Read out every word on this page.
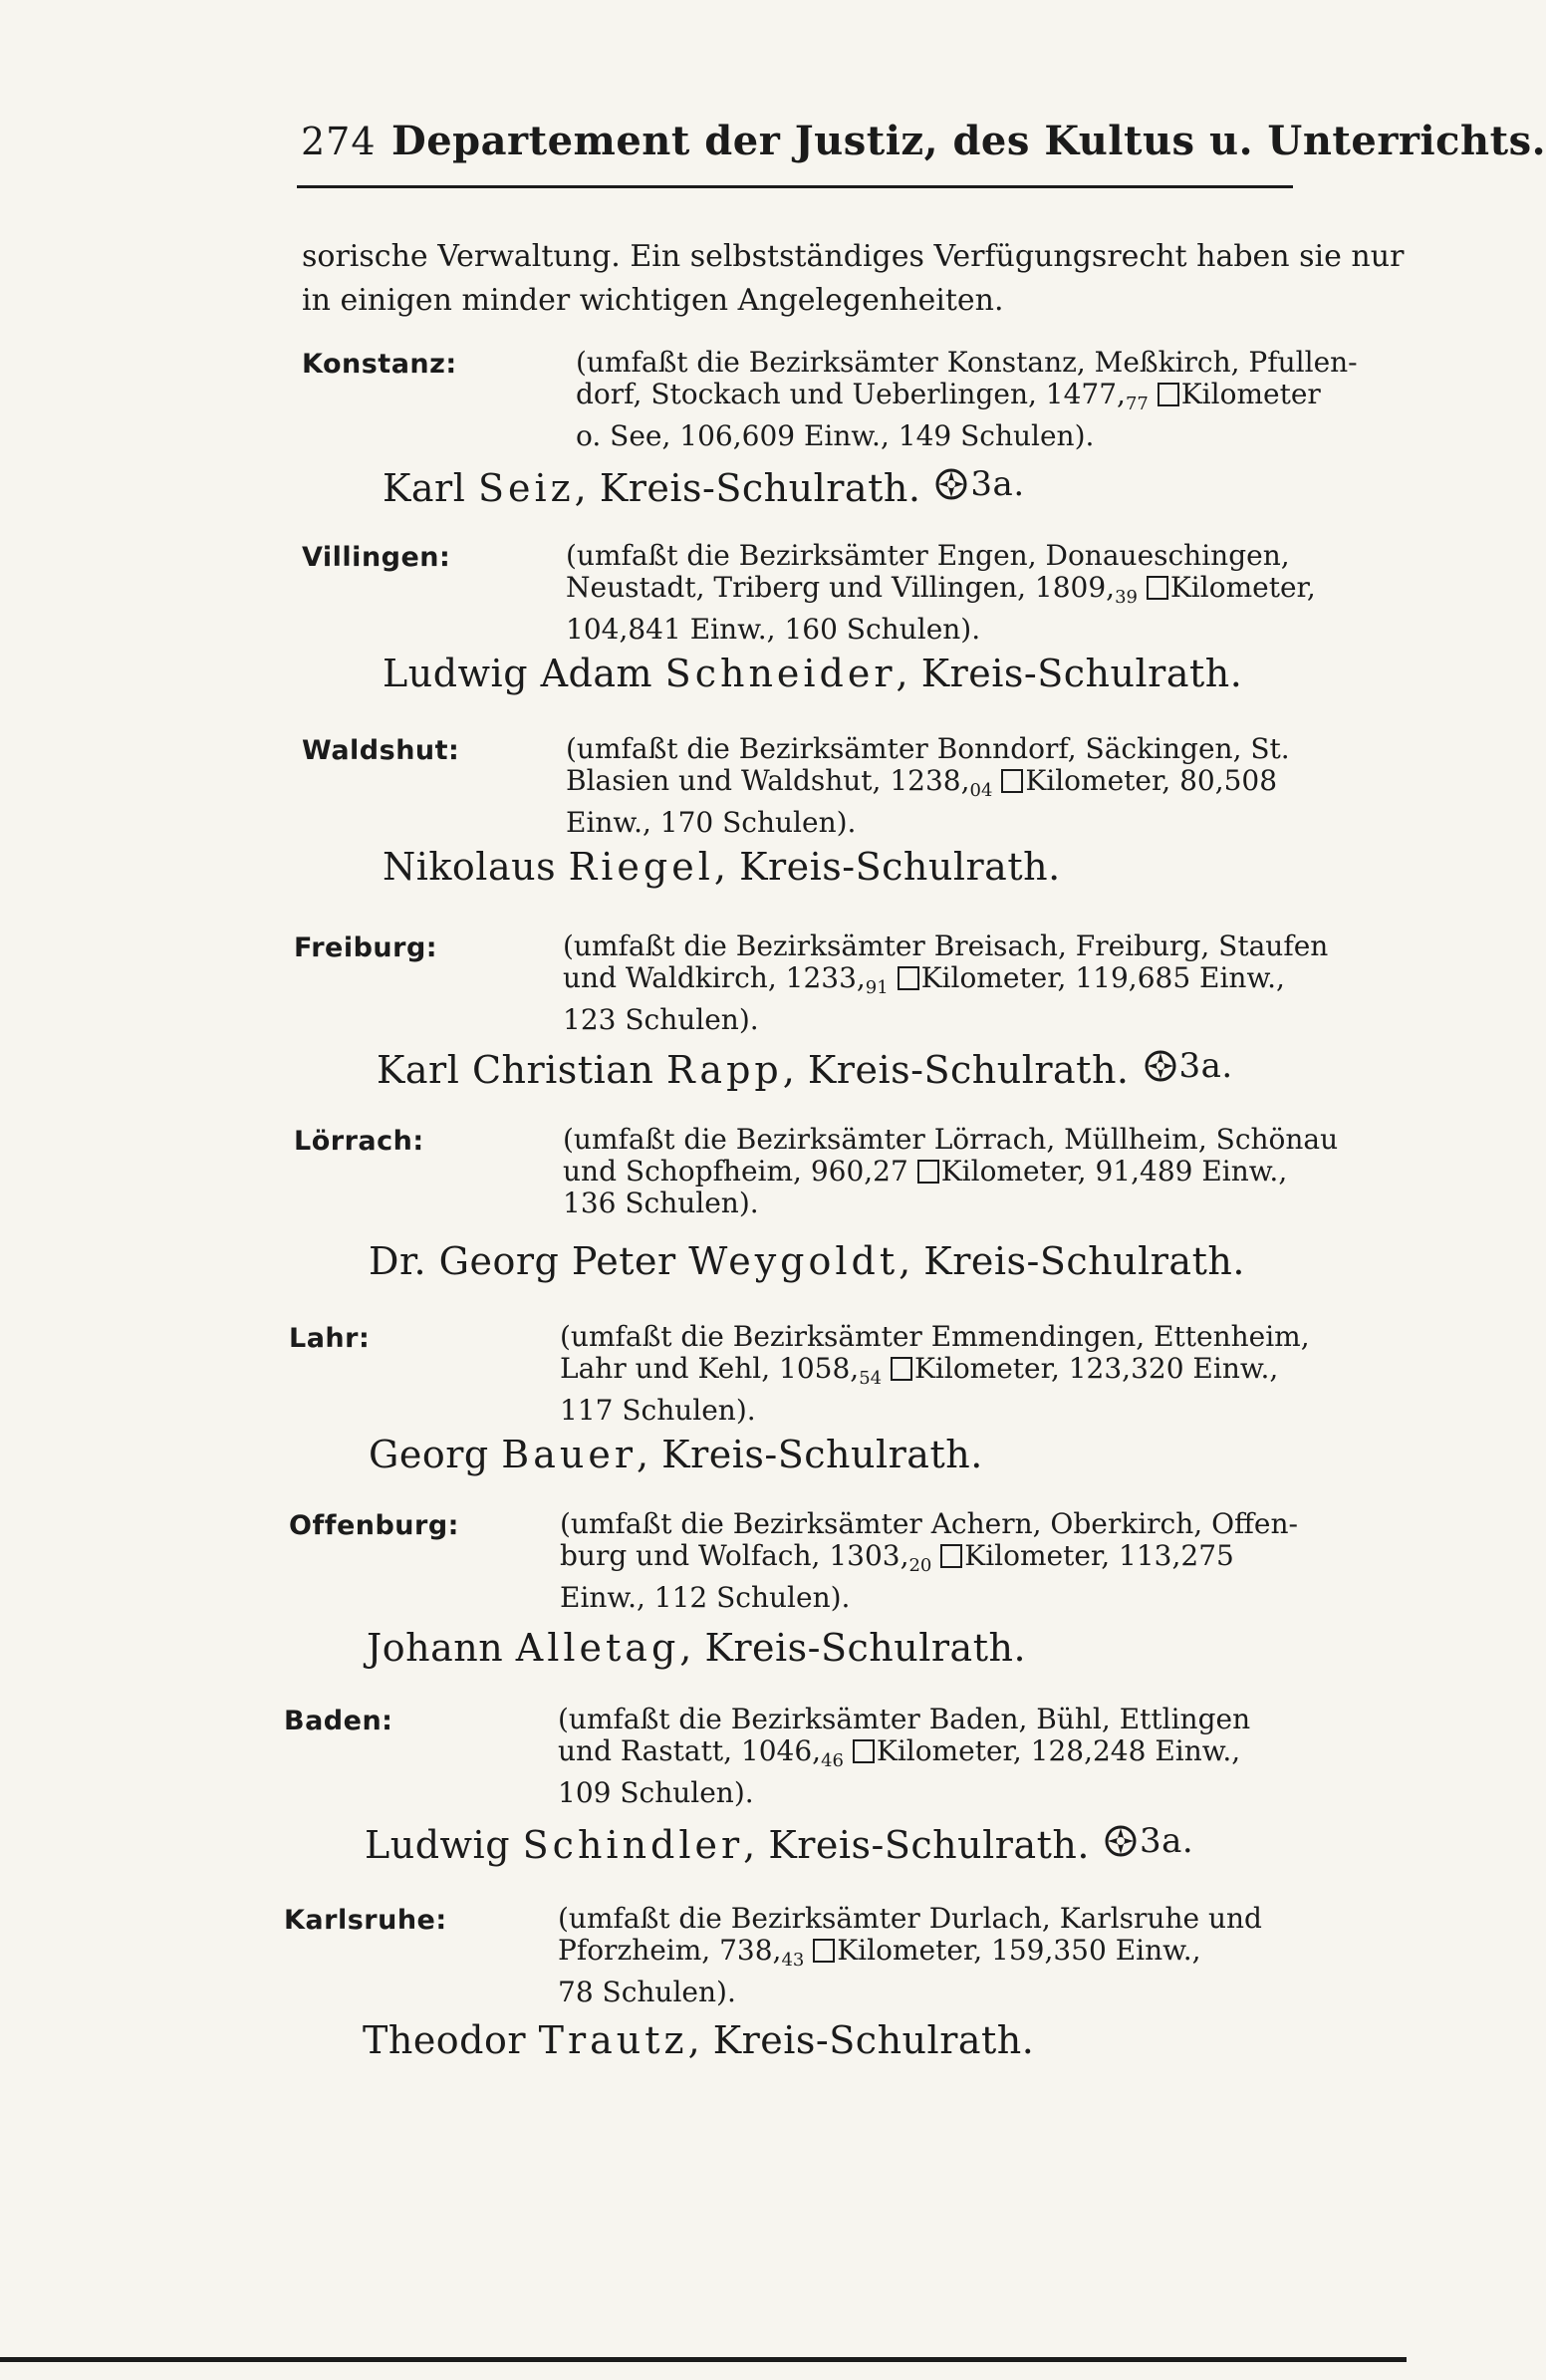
274 Departement der Justiz, des Kultus u. Unterrichts.
sorische Verwaltung. Ein selbstständiges Verfügungsrecht haben sie nur
in einigen minder wichtigen Angelegenheiten.
Konstanz:	(umfaßt die Bezirksämter Konstanz, Meßkirch, Pfullen-
dorf, Stockach und Ueberlingen, $1477,_{77}$ Kilometer
o. See, 106,609 Einw., 149 Schulen).
Karl Seiz, Kreis-Schulrath. 3a.
Villingen:	(umfaßt die Bezirksämter Engen, Donaueschingen,
Neustadt, Triberg und Villingen, $1809,_{39}$ Kilometer,
104,841 Einw., 160 Schulen).
Ludwig Adam Schneider, Kreis-Schulrath.
Waldshut:	(umfaßt die Bezirksämter Bonndorf, Säckingen, St.
Blasien und Waldshut, $1238,_{04}$ Kilometer, 80,508
Einw., 170 Schulen).
Nikolaus Riegel, Kreis-Schulrath.
Freiburg:	(umfaßt die Bezirksämter Breisach, Freiburg, Staufen
und Waldkirch, $1233,_{91}$ Kilometer, 119,685 Einw.,
123 Schulen).
Karl Christian Rapp, Kreis-Schulrath. 3a.
Lörrach:	(umfaßt die Bezirksämter Lörrach, Müllheim, Schönau
und Schopfheim, 960,27 Kilometer, 91,489 Einw.,
136 Schulen).
Dr. Georg Peter Weygoldt, Kreis-Schulrath.
Lahr:	(umfaßt die Bezirksämter Emmendingen, Ettenheim,
Lahr und Kehl, $1058,_{54}$ Kilometer, 123,320 Einw.,
117 Schulen).
Georg Bauer, Kreis-Schulrath.
Offenburg:	(umfaßt die Bezirksämter Achern, Oberkirch, Offen-
burg und Wolfach, $1303,_{20}$ Kilometer, 113,275
Einw., 112 Schulen).
Johann Alletag, Kreis-Schulrath.
Baden:	(umfaßt die Bezirksämter Baden, Bühl, Ettlingen
und Rastatt, $1046,_{46}$ Kilometer, 128,248 Einw.,
109 Schulen).
Ludwig Schindler, Kreis-Schulrath. 3a.
Karlsruhe:	(umfaßt die Bezirksämter Durlach, Karlsruhe und
Pforzheim, $738,_{43}$ Kilometer, 159,350 Einw.,
78 Schulen).
Theodor Trautz, Kreis-Schulrath.
